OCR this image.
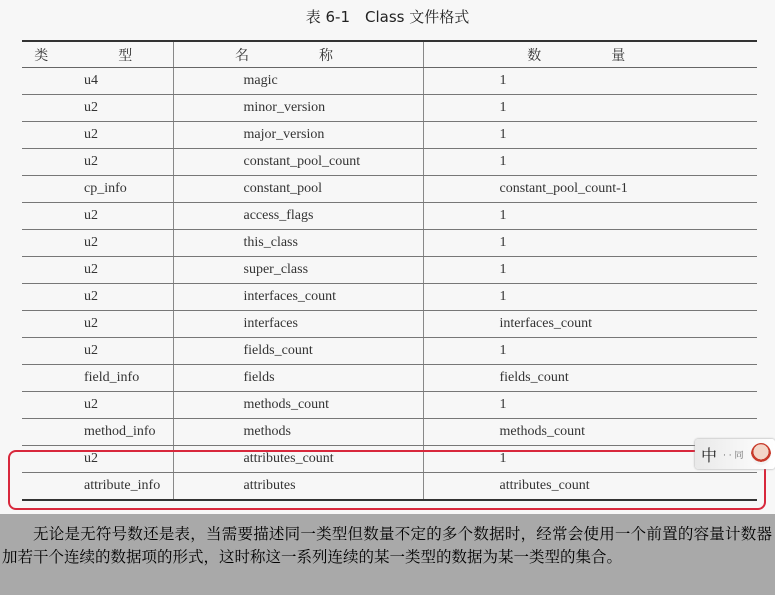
表 6-1　Class 文件格式
类　型	名　称	数　量
u4	magic	1
u2	minor_version	1
u2	major_version	1
u2	constant_pool_count	1
cp_info	constant_pool	constant_pool_count-1
u2	access_flags	1
u2	this_class	1
u2	super_class	1
u2	interfaces_count	1
u2	interfaces	interfaces_count
u2	fields_count	1
field_info	fields	fields_count
u2	methods_count	1
method_info	methods	methods_count
u2	attributes_count	1
attribute_info	attributes	attributes_count
中 · · 同
无论是无符号数还是表，当需要描述同一类型但数量不定的多个数据时，经常会使用一个前置的容量计数器加若干个连续的数据项的形式，这时称这一系列连续的某一类型的数据为某一类型的集合。
